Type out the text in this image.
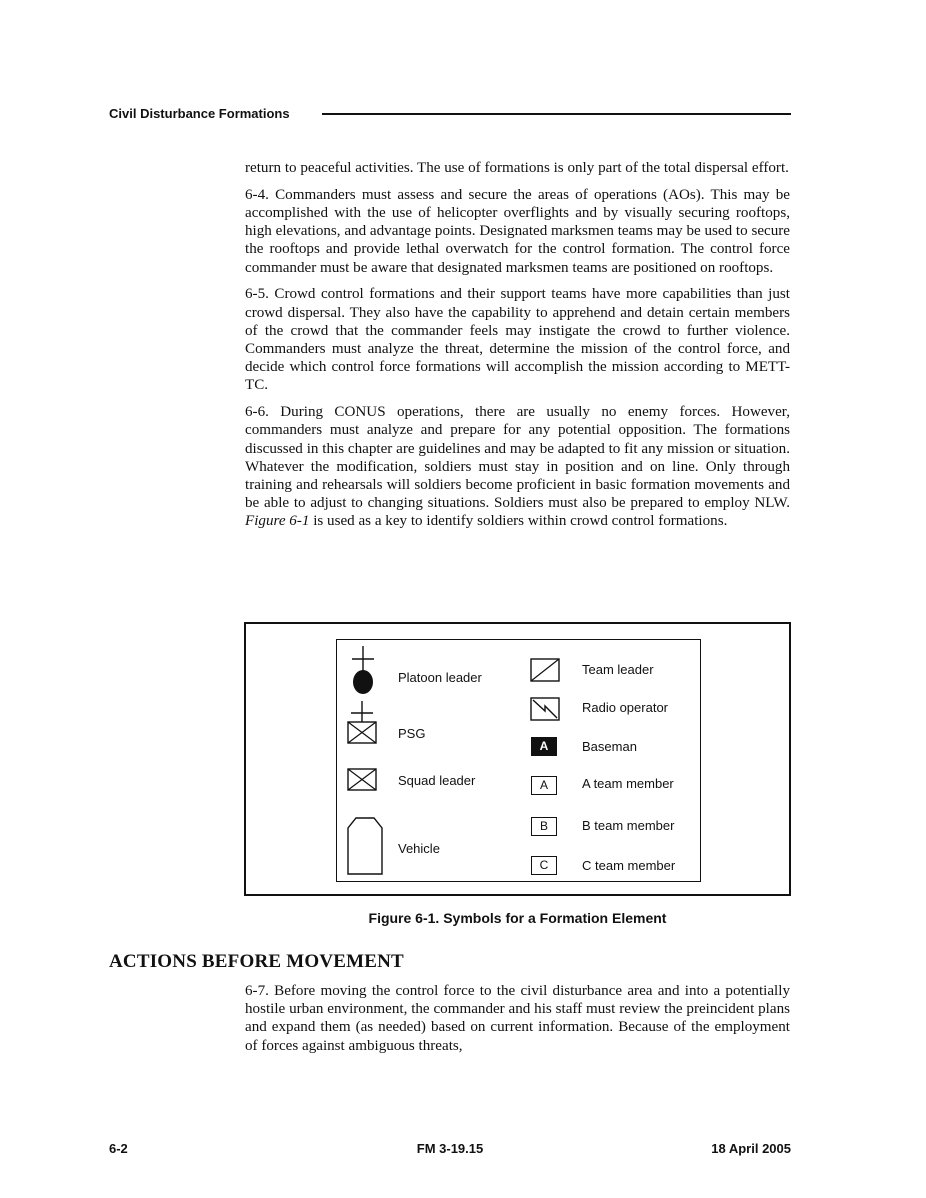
Civil Disturbance Formations

return to peaceful activities. The use of formations is only part of the total dispersal effort.

6-4. Commanders must assess and secure the areas of operations (AOs). This may be accomplished with the use of helicopter overflights and by visually securing rooftops, high elevations, and advantage points. Designated marksmen teams may be used to secure the rooftops and provide lethal overwatch for the control formation. The control force commander must be aware that designated marksmen teams are positioned on rooftops.

6-5. Crowd control formations and their support teams have more capabilities than just crowd dispersal. They also have the capability to apprehend and detain certain members of the crowd that the commander feels may instigate the crowd to further violence. Commanders must analyze the threat, determine the mission of the control force, and decide which control force formations will accomplish the mission according to METT-TC.

6-6. During CONUS operations, there are usually no enemy forces. However, commanders must analyze and prepare for any potential opposition. The formations discussed in this chapter are guidelines and may be adapted to fit any mission or situation. Whatever the modification, soldiers must stay in position and on line. Only through training and rehearsals will soldiers become proficient in basic formation movements and be able to adjust to changing situations. Soldiers must also be prepared to employ NLW. Figure 6-1 is used as a key to identify soldiers within crowd control formations.

Platoon leader
PSG
Squad leader
Vehicle
Team leader
Radio operator
A	Baseman
A	A team member
B	B team member
C	C team member
Figure 6-1. Symbols for a Formation Element
ACTIONS BEFORE MOVEMENT

6-7. Before moving the control force to the civil disturbance area and into a potentially hostile urban environment, the commander and his staff must review the preincident plans and expand them (as needed) based on current information. Because of the employment of forces against ambiguous threats,

6-2	FM 3-19.15	18 April 2005
